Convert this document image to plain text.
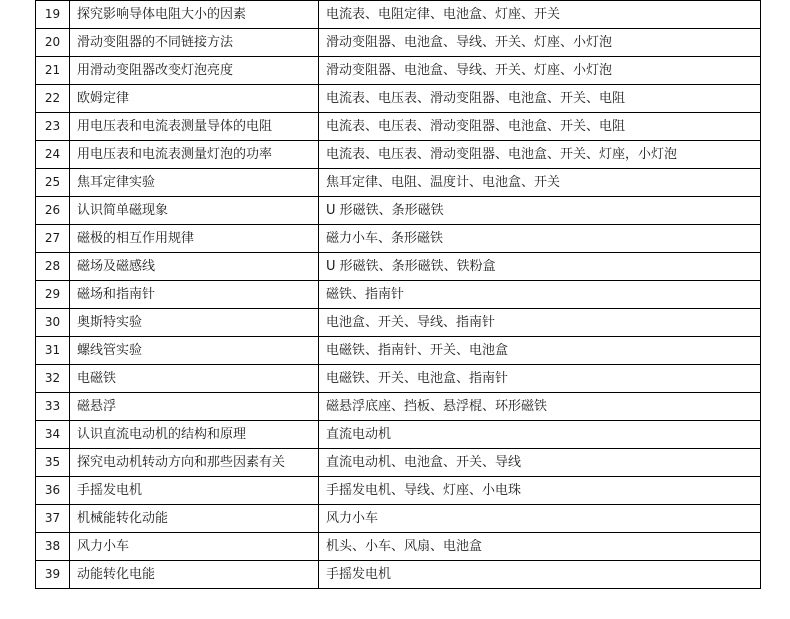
19	探究影响导体电阻大小的因素	电流表、电阻定律、电池盒、灯座、开关
20	滑动变阻器的不同链接方法	滑动变阻器、电池盒、导线、开关、灯座、小灯泡
21	用滑动变阻器改变灯泡亮度	滑动变阻器、电池盒、导线、开关、灯座、小灯泡
22	欧姆定律	电流表、电压表、滑动变阻器、电池盒、开关、电阻
23	用电压表和电流表测量导体的电阻	电流表、电压表、滑动变阻器、电池盒、开关、电阻
24	用电压表和电流表测量灯泡的功率	电流表、电压表、滑动变阻器、电池盒、开关、灯座，小灯泡
25	焦耳定律实验	焦耳定律、电阻、温度计、电池盒、开关
26	认识简单磁现象	U 形磁铁、条形磁铁
27	磁极的相互作用规律	磁力小车、条形磁铁
28	磁场及磁感线	U 形磁铁、条形磁铁、铁粉盒
29	磁场和指南针	磁铁、指南针
30	奥斯特实验	电池盒、开关、导线、指南针
31	螺线管实验	电磁铁、指南针、开关、电池盒
32	电磁铁	电磁铁、开关、电池盒、指南针
33	磁悬浮	磁悬浮底座、挡板、悬浮棍、环形磁铁
34	认识直流电动机的结构和原理	直流电动机
35	探究电动机转动方向和那些因素有关	直流电动机、电池盒、开关、导线
36	手摇发电机	手摇发电机、导线、灯座、小电珠
37	机械能转化动能	风力小车
38	风力小车	机头、小车、风扇、电池盒
39	动能转化电能	手摇发电机
